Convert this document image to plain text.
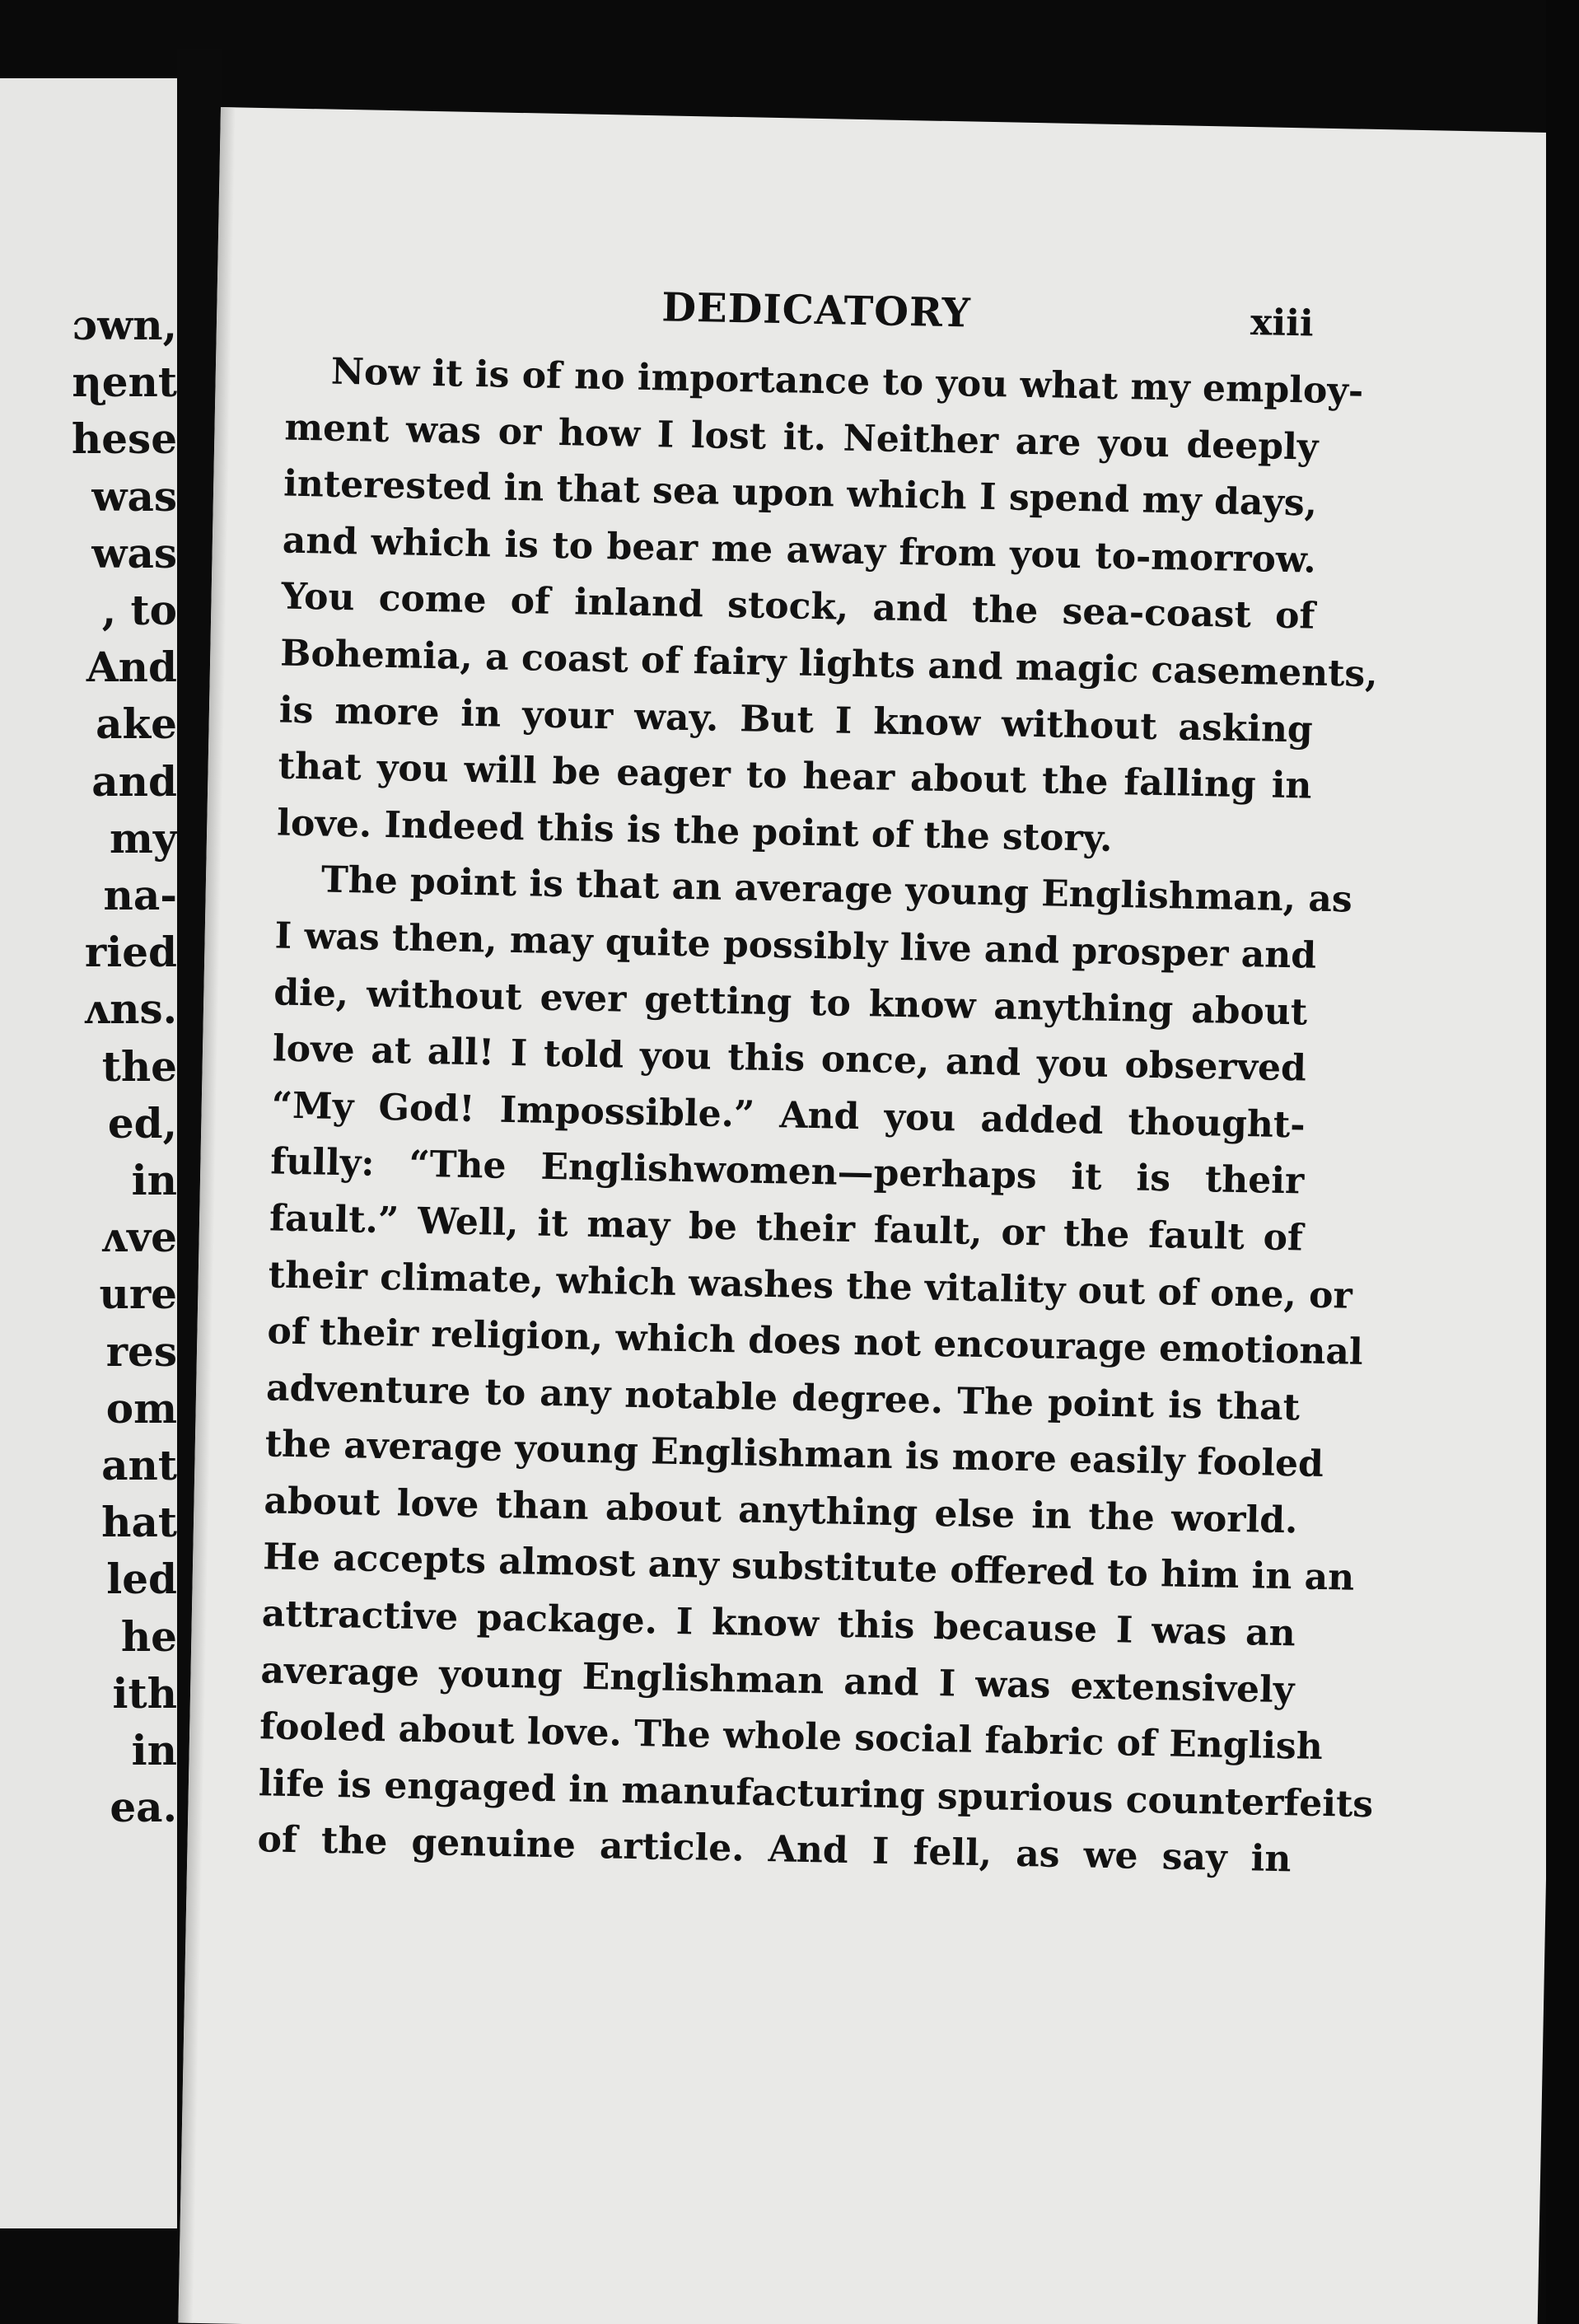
ɔwn,
ɳent
hese
was
was
, to
And
ake
and
my
na-
ried
ʌns.
the
ed,
in
ʌve
ure
res
om
ant
hat
led
he
ith
in
ea.
DEDICATORY	xiii
Now it is of no importance to you what my employ-
ment was or how I lost it. Neither are you deeply
interested in that sea upon which I spend my days,
and which is to bear me away from you to-morrow.
You come of inland stock, and the sea-coast of
Bohemia, a coast of fairy lights and magic casements,
is more in your way. But I know without asking
that you will be eager to hear about the falling in
love. Indeed this is the point of the story.
The point is that an average young Englishman, as
I was then, may quite possibly live and prosper and
die, without ever getting to know anything about
love at all! I told you this once, and you observed
“My God! Impossible.” And you added thought-
fully: “The Englishwomen—perhaps it is their
fault.” Well, it may be their fault, or the fault of
their climate, which washes the vitality out of one, or
of their religion, which does not encourage emotional
adventure to any notable degree. The point is that
the average young Englishman is more easily fooled
about love than about anything else in the world.
He accepts almost any substitute offered to him in an
attractive package. I know this because I was an
average young Englishman and I was extensively
fooled about love. The whole social fabric of English
life is engaged in manufacturing spurious counterfeits
of the genuine article. And I fell, as we say in
